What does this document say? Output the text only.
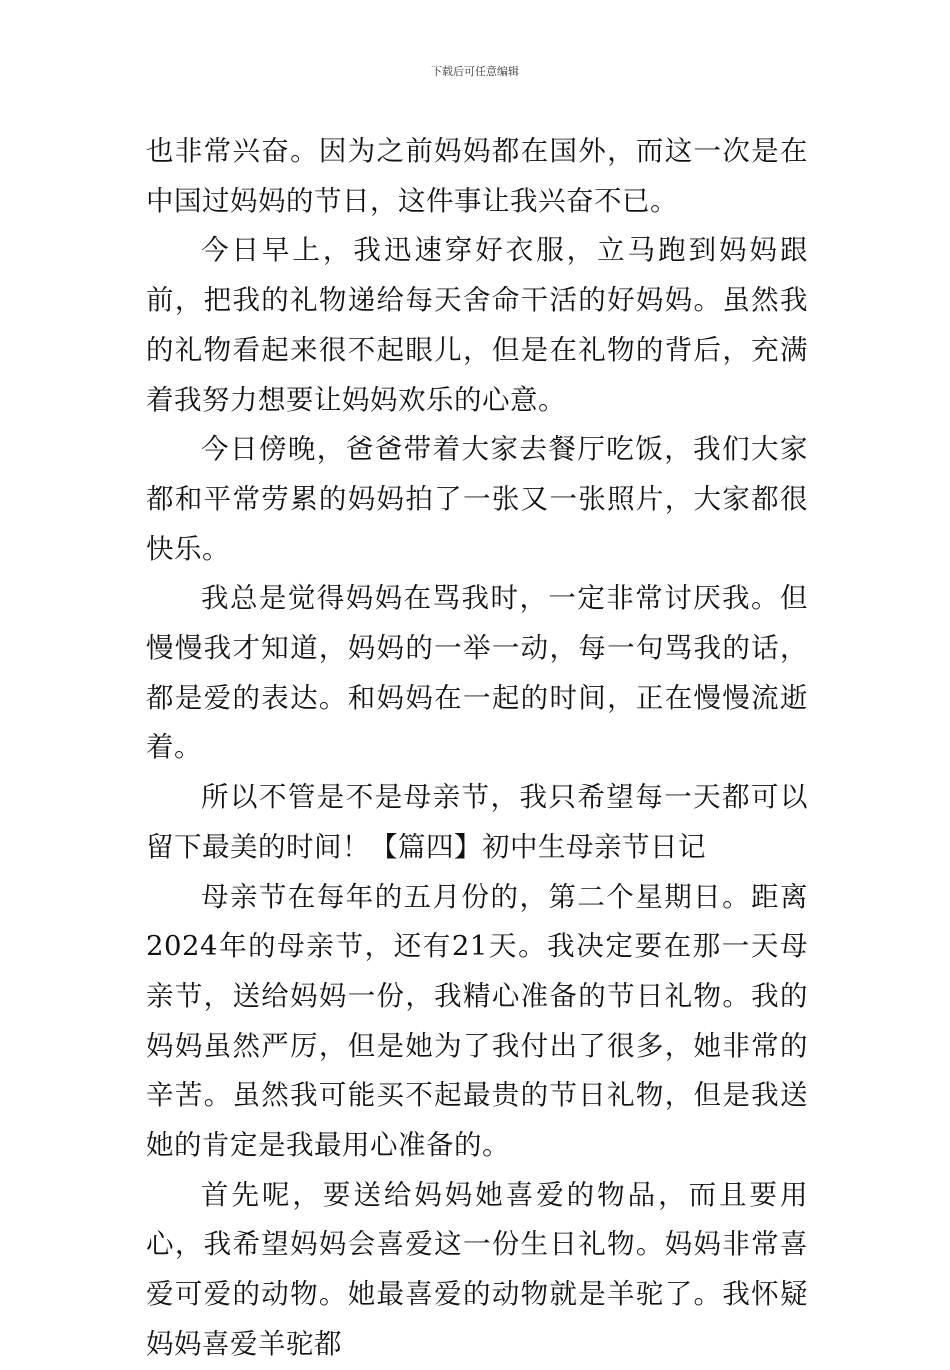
下载后可任意编辑

也非常兴奋。因为之前妈妈都在国外，而这一次是在中国过妈妈的节日，这件事让我兴奋不已。

今日早上，我迅速穿好衣服，立马跑到妈妈跟前，把我的礼物递给每天舍命干活的好妈妈。虽然我的礼物看起来很不起眼儿，但是在礼物的背后，充满着我努力想要让妈妈欢乐的心意。

今日傍晚，爸爸带着大家去餐厅吃饭，我们大家都和平常劳累的妈妈拍了一张又一张照片，大家都很快乐。

我总是觉得妈妈在骂我时，一定非常讨厌我。但慢慢我才知道，妈妈的一举一动，每一句骂我的话，都是爱的表达。和妈妈在一起的时间，正在慢慢流逝着。

所以不管是不是母亲节，我只希望每一天都可以留下最美的时间！【篇四】初中生母亲节日记

母亲节在每年的五月份的，第二个星期日。距离2024年的母亲节，还有21天。我决定要在那一天母亲节，送给妈妈一份，我精心准备的节日礼物。我的妈妈虽然严厉，但是她为了我付出了很多，她非常的辛苦。虽然我可能买不起最贵的节日礼物，但是我送她的肯定是我最用心准备的。

首先呢，要送给妈妈她喜爱的物品，而且要用心，我希望妈妈会喜爱这一份生日礼物。妈妈非常喜爱可爱的动物。她最喜爱的动物就是羊驼了。我怀疑妈妈喜爱羊驼都
